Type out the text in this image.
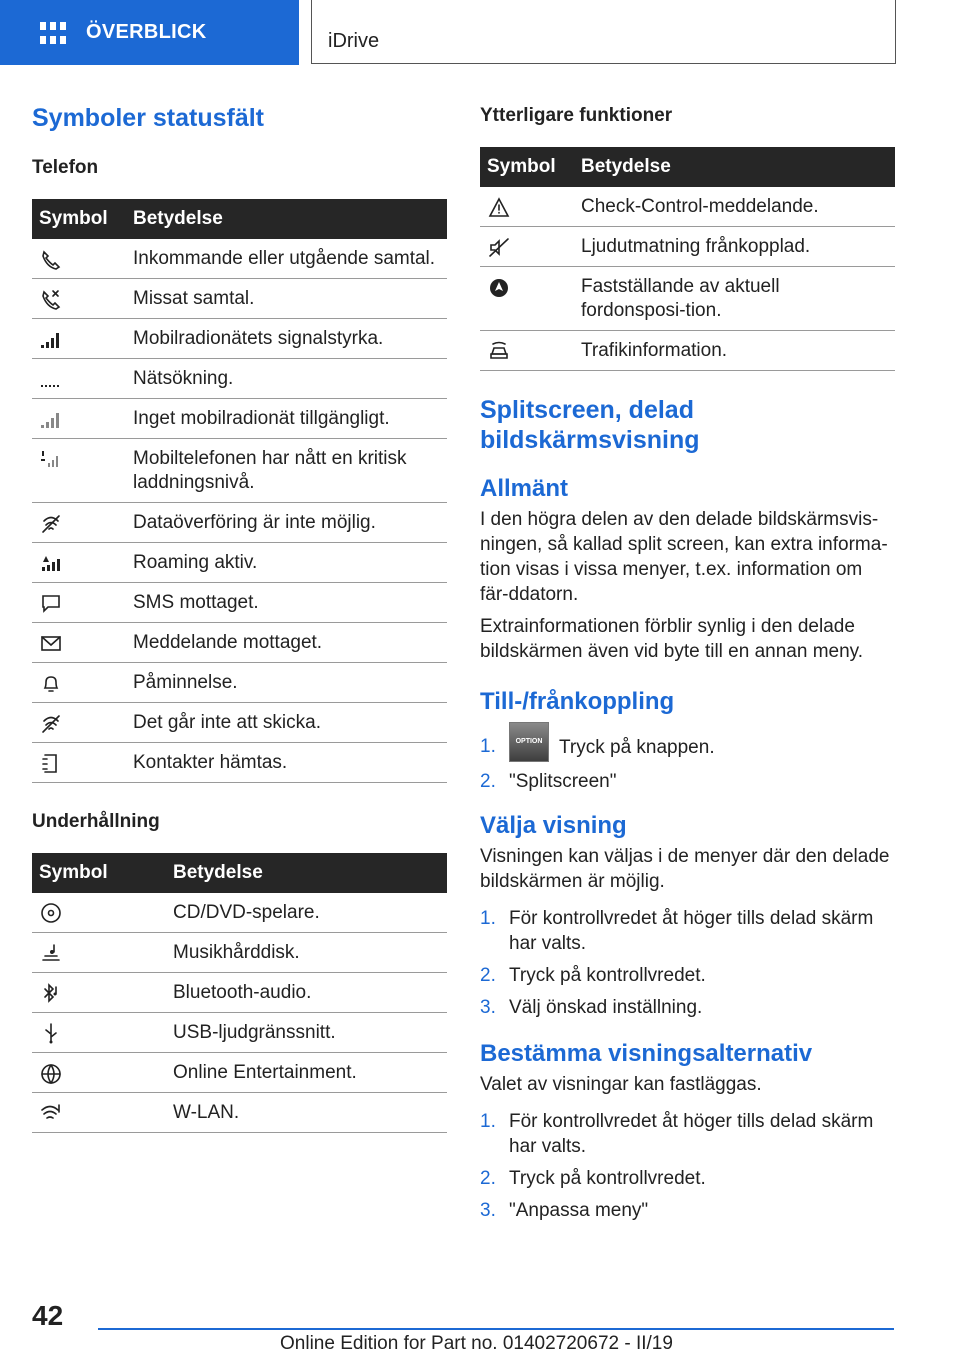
ÖVERBLICK	iDrive
Symboler statusfält
Telefon
Symbol	Betydelse
	Inkommande eller utgående samtal.
	Missat samtal.
	Mobilradionätets signalstyrka.
	Nätsökning.
	Inget mobilradionät tillgängligt.
	Mobiltelefonen har nått en kritisk laddningsnivå.
	Dataöverföring är inte möjlig.
	Roaming aktiv.
	SMS mottaget.
	Meddelande mottaget.
	Påminnelse.
	Det går inte att skicka.
	Kontakter hämtas.
Underhållning
Symbol	Betydelse
	CD/DVD-spelare.
	Musikhårddisk.
	Bluetooth-audio.
	USB-ljudgränssnitt.
	Online Entertainment.
	W-LAN.
Ytterligare funktioner
Symbol	Betydelse
	Check-Control-meddelande.
	Ljudutmatning frånkopplad.
	Fastställande av aktuell fordonsposi-tion.
	Trafikinformation.
Splitscreen, delad bildskärmsvisning
Allmänt

I den högra delen av den delade bildskärmsvis-ningen, så kallad split screen, kan extra informa-tion visas i vissa menyer, t.ex. information om fär-ddatorn.

Extrainformationen förblir synlig i den delade bildskärmen även vid byte till en annan meny.

Till-/frånkoppling
1.	OPTION Tryck på knappen.
2. "Splitscreen"
Välja visning

Visningen kan väljas i de menyer där den delade bildskärmen är möjlig.

1. För kontrollvredet åt höger tills delad skärm har valts.
2. Tryck på kontrollvredet.
3. Välj önskad inställning.
Bestämma visningsalternativ

Valet av visningar kan fastläggas.

1. För kontrollvredet åt höger tills delad skärm har valts.
2. Tryck på kontrollvredet.
3. "Anpassa meny"
42
Online Edition for Part no. 01402720672 - II/19
